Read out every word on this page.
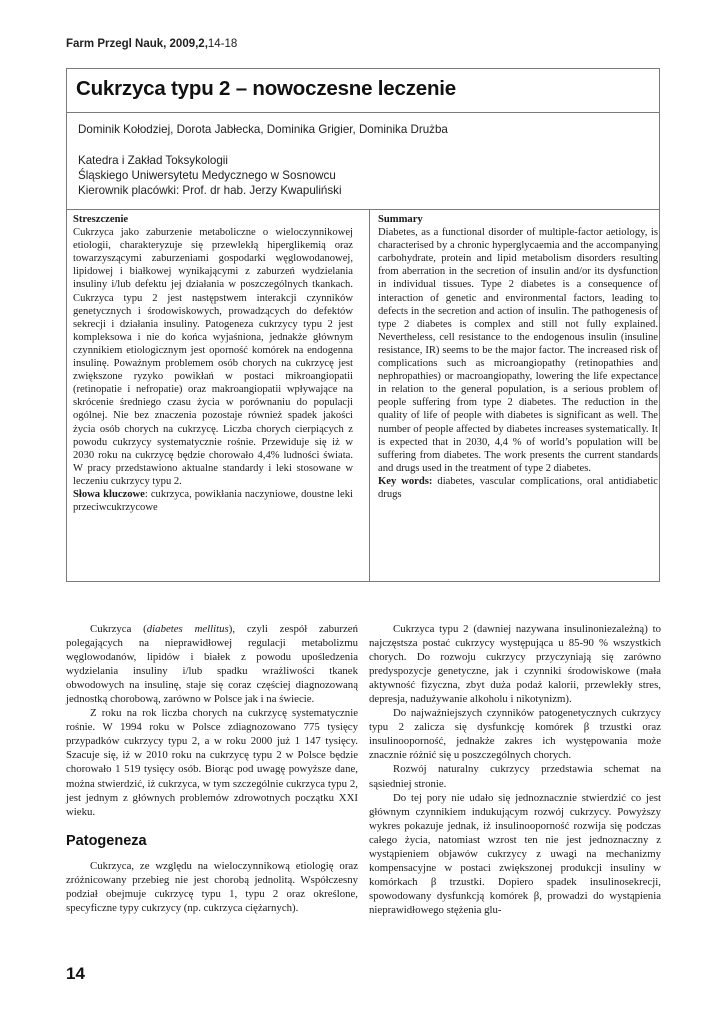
Farm Przegl Nauk, 2009,2,14-18
Cukrzyca typu 2 – nowoczesne leczenie
Dominik Kołodziej, Dorota Jabłecka, Dominika Grigier, Dominika Drużba
Katedra i Zakład Toksykologii
Śląskiego Uniwersytetu Medycznego w Sosnowcu
Kierownik placówki: Prof. dr hab. Jerzy Kwapuliński
Streszczenie
Cukrzyca jako zaburzenie metaboliczne o wieloczynnikowej etiologii, charakteryzuje się przewlekłą hiperglikemią oraz towarzyszącymi zaburzeniami gospodarki węglowodanowej, lipidowej i białkowej wynikającymi z zaburzeń wydzielania insuliny i/lub defektu jej działania w poszczególnych tkankach. Cukrzyca typu 2 jest następstwem interakcji czynników genetycznych i środowiskowych, prowadzących do defektów sekrecji i działania insuliny. Patogeneza cukrzycy typu 2 jest kompleksowa i nie do końca wyjaśniona, jednakże głównym czynnikiem etiologicznym jest oporność komórek na endogenna insulinę. Poważnym problemem osób chorych na cukrzycę jest zwiększone ryzyko powikłań w postaci mikroangiopatii (retinopatie i nefropatie) oraz makroangiopatii wpływające na skrócenie średniego czasu życia w porównaniu do populacji ogólnej. Nie bez znaczenia pozostaje również spadek jakości życia osób chorych na cukrzycę. Liczba chorych cierpiących z powodu cukrzycy systematycznie rośnie. Przewiduje się iż w 2030 roku na cukrzycę będzie chorowało 4,4% ludności świata. W pracy przedstawiono aktualne standardy i leki stosowane w leczeniu cukrzycy typu 2.
Słowa kluczowe: cukrzyca, powikłania naczyniowe, doustne leki przeciwcukrzycowe
Summary
Diabetes, as a functional disorder of multiple-factor aetiology, is characterised by a chronic hyperglycaemia and the accompanying carbohydrate, protein and lipid metabolism disorders resulting from aberration in the secretion of insulin and/or its dysfunction in individual tissues. Type 2 diabetes is a consequence of interaction of genetic and environmental factors, leading to defects in the secretion and action of insulin. The pathogenesis of type 2 diabetes is complex and still not fully explained. Nevertheless, cell resistance to the endogenous insulin (insuline resistance, IR) seems to be the major factor. The increased risk of complications such as microangiopathy (retinopathies and nephropathies) or macroangiopathy, lowering the life expectance in relation to the general population, is a serious problem of people suffering from type 2 diabetes. The reduction in the quality of life of people with diabetes is significant as well. The number of people affected by diabetes increases systematically. It is expected that in 2030, 4,4 % of world’s population will be suffering from diabetes. The work presents the current standards and drugs used in the treatment of type 2 diabetes.
Key words: diabetes, vascular complications, oral antidiabetic drugs

Cukrzyca (diabetes mellitus), czyli zespół zaburzeń polegających na nieprawidłowej regulacji metabolizmu węglowodanów, lipidów i białek z powodu upośledzenia wydzielania insuliny i/lub spadku wrażliwości tkanek obwodowych na insulinę, staje się coraz częściej diagnozowaną jednostką chorobową, zarówno w Polsce jak i na świecie.

Z roku na rok liczba chorych na cukrzycę systematycznie rośnie. W 1994 roku w Polsce zdiagnozowano 775 tysięcy przypadków cukrzycy typu 2, a w roku 2000 już 1 147 tysięcy. Szacuje się, iż w 2010 roku na cukrzycę typu 2 w Polsce będzie chorowało 1 519 tysięcy osób. Biorąc pod uwagę powyższe dane, można stwierdzić, iż cukrzyca, w tym szczególnie cukrzyca typu 2, jest jednym z głównych problemów zdrowotnych początku XXI wieku.

Patogeneza

Cukrzyca, ze względu na wieloczynnikową etiologię oraz zróżnicowany przebieg nie jest chorobą jednolitą. Współczesny podział obejmuje cukrzycę typu 1, typu 2 oraz określone, specyficzne typy cukrzycy (np. cukrzyca ciężarnych).

Cukrzyca typu 2 (dawniej nazywana insulinoniezależną) to najczęstsza postać cukrzycy występująca u 85-90 % wszystkich chorych. Do rozwoju cukrzycy przyczyniają się zarówno predyspozycje genetyczne, jak i czynniki środowiskowe (mała aktywność fizyczna, zbyt duża podaż kalorii, przewlekły stres, depresja, nadużywanie alkoholu i nikotynizm).

Do najważniejszych czynników patogenetycznych cukrzycy typu 2 zalicza się dysfunkcję komórek β trzustki oraz insulinooporność, jednakże zakres ich występowania może znacznie różnić się u poszczególnych chorych.

Rozwój naturalny cukrzycy przedstawia schemat na sąsiedniej stronie.

Do tej pory nie udało się jednoznacznie stwierdzić co jest głównym czynnikiem indukującym rozwój cukrzycy. Powyższy wykres pokazuje jednak, iż insulinooporność rozwija się podczas całego życia, natomiast wzrost ten nie jest jednoznaczny z wystąpieniem objawów cukrzycy z uwagi na mechanizmy kompensacyjne w postaci zwiększonej produkcji insuliny w komórkach β trzustki. Dopiero spadek insulinosekrecji, spowodowany dysfunkcją komórek β, prowadzi do wystąpienia nieprawidłowego stężenia glu-

14
